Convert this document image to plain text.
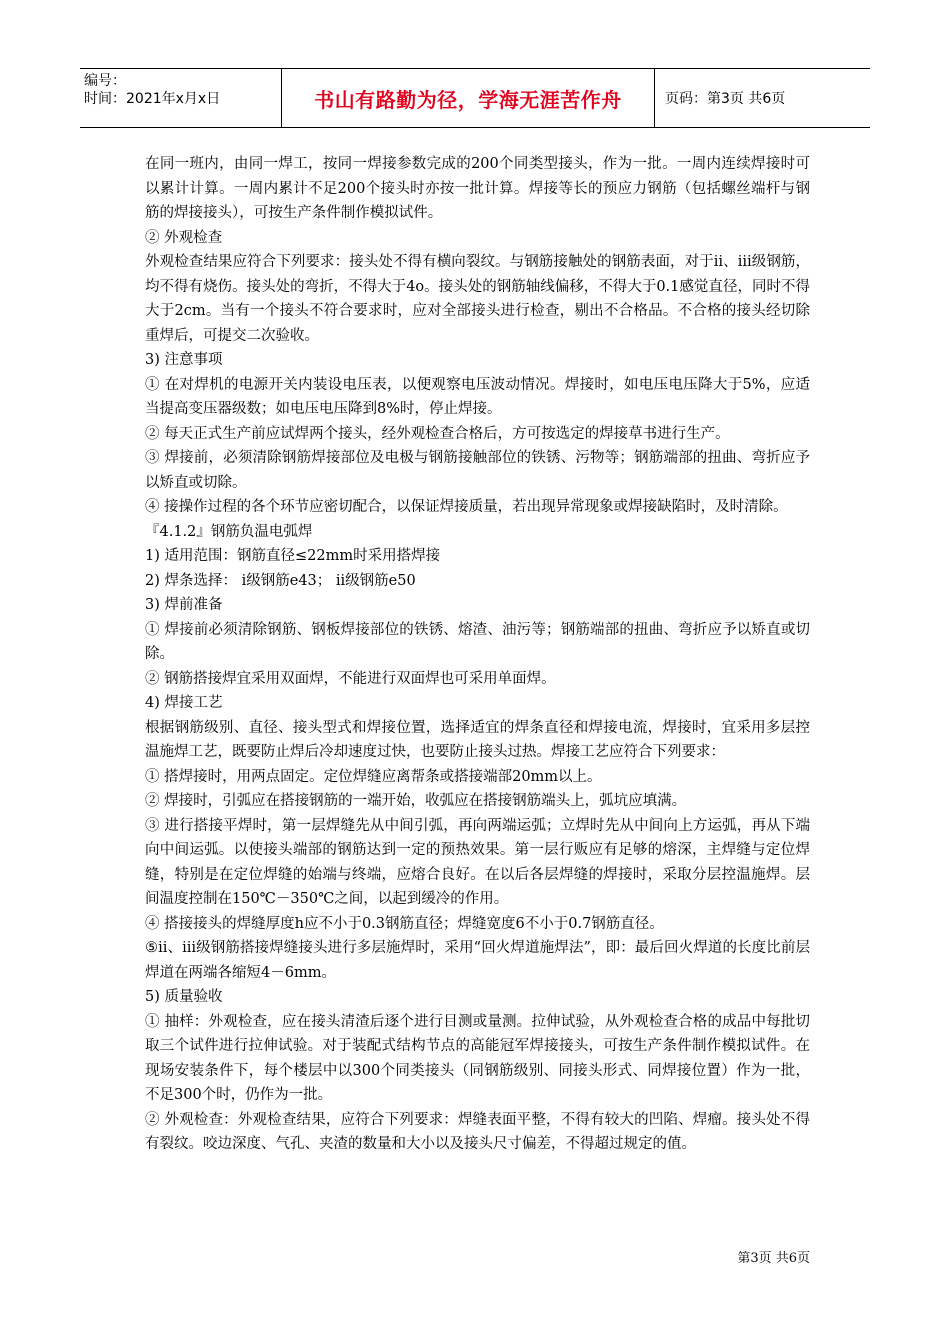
编号：
时间：2021年x月x日	书山有路勤为径，学海无涯苦作舟	页码：第3页 共6页

在同一班内，由同一焊工，按同一焊接参数完成的200个同类型接头，作为一批。一周内连续焊接时可以累计计算。一周内累计不足200个接头时亦按一批计算。焊接等长的预应力钢筋（包括螺丝端杆与钢筋的焊接接头），可按生产条件制作模拟试件。

② 外观检查

外观检查结果应符合下列要求：接头处不得有横向裂纹。与钢筋接触处的钢筋表面，对于ⅱ、ⅲ级钢筋，均不得有烧伤。接头处的弯折，不得大于4o。接头处的钢筋轴线偏移，不得大于0.1感觉直径，同时不得大于2cm。当有一个接头不符合要求时，应对全部接头进行检查，剔出不合格品。不合格的接头经切除重焊后，可提交二次验收。

3) 注意事项

① 在对焊机的电源开关内装设电压表，以便观察电压波动情况。焊接时，如电压电压降大于5%，应适当提高变压器级数；如电压电压降到8%时，停止焊接。

② 每天正式生产前应试焊两个接头，经外观检查合格后，方可按选定的焊接草书进行生产。

③ 焊接前，必须清除钢筋焊接部位及电极与钢筋接触部位的铁锈、污物等；钢筋端部的扭曲、弯折应予以矫直或切除。

④ 接操作过程的各个环节应密切配合，以保证焊接质量，若出现异常现象或焊接缺陷时，及时清除。

『4.1.2』钢筋负温电弧焊

1) 适用范围：钢筋直径≤22mm时采用搭焊接

2) 焊条选择： ⅰ级钢筋e43； ⅱ级钢筋e50

3) 焊前准备

① 焊接前必须清除钢筋、钢板焊接部位的铁锈、熔渣、油污等；钢筋端部的扭曲、弯折应予以矫直或切除。

② 钢筋搭接焊宜采用双面焊，不能进行双面焊也可采用单面焊。

4) 焊接工艺

根据钢筋级别、直径、接头型式和焊接位置，选择适宜的焊条直径和焊接电流，焊接时，宜采用多层控温施焊工艺，既要防止焊后冷却速度过快，也要防止接头过热。焊接工艺应符合下列要求：

① 搭焊接时，用两点固定。定位焊缝应离帮条或搭接端部20mm以上。

② 焊接时，引弧应在搭接钢筋的一端开始，收弧应在搭接钢筋端头上，弧坑应填满。

③ 进行搭接平焊时，第一层焊缝先从中间引弧，再向两端运弧；立焊时先从中间向上方运弧，再从下端向中间运弧。以使接头端部的钢筋达到一定的预热效果。第一层行贩应有足够的熔深，主焊缝与定位焊缝，特别是在定位焊缝的始端与终端，应熔合良好。在以后各层焊缝的焊接时，采取分层控温施焊。层间温度控制在150℃－350℃之间，以起到缓冷的作用。

④ 搭接接头的焊缝厚度h应不小于0.3钢筋直径；焊缝宽度6不小于0.7钢筋直径。

⑤ⅱ、ⅲ级钢筋搭接焊缝接头进行多层施焊时，采用“回火焊道施焊法”，即：最后回火焊道的长度比前层焊道在两端各缩短4－6mm。

5) 质量验收

① 抽样：外观检查，应在接头清渣后逐个进行目测或量测。拉伸试验，从外观检查合格的成品中每批切取三个试件进行拉伸试验。对于装配式结构节点的高能冠军焊接接头，可按生产条件制作模拟试件。在现场安装条件下，每个楼层中以300个同类接头（同钢筋级别、同接头形式、同焊接位置）作为一批，不足300个时，仍作为一批。

② 外观检查：外观检查结果，应符合下列要求：焊缝表面平整，不得有较大的凹陷、焊瘤。接头处不得有裂纹。咬边深度、气孔、夹渣的数量和大小以及接头尺寸偏差，不得超过规定的值。

第3页 共6页
